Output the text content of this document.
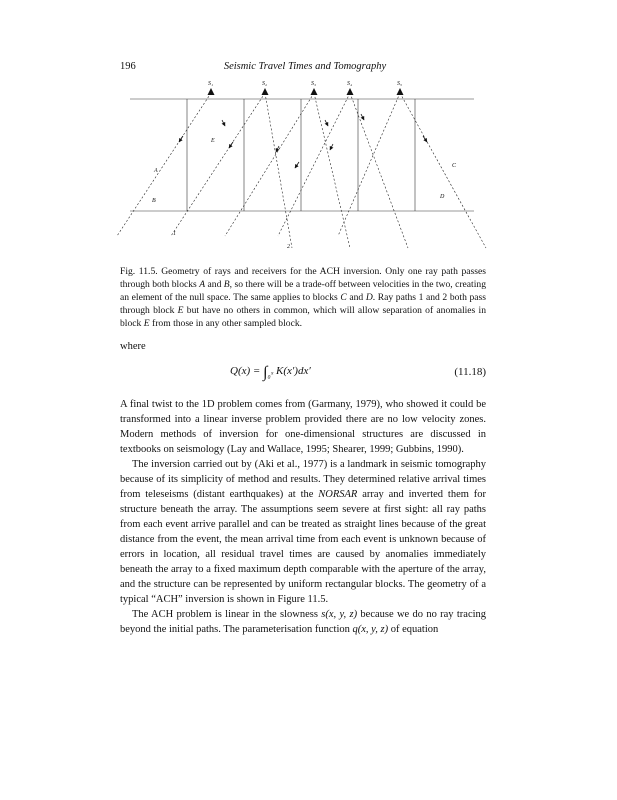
196	Seismic Travel Times and Tomography
S₁	S₂	S₃	S₄	S₅
A
B
C
D
E
1
2
Fig. 11.5. Geometry of rays and receivers for the ACH inversion. Only one ray path passes through both blocks A and B, so there will be a trade-off between velocities in the two, creating an element of the null space. The same applies to blocks C and D. Ray paths 1 and 2 both pass through block E but have no others in common, which will allow separation of anomalies in block E from those in any other sampled block.
where
$Q(x) = \int_{_0ˣ}$ K(x′)dx′	(11.18)

A final twist to the 1D problem comes from (Garmany, 1979), who showed it could be transformed into a linear inverse problem provided there are no low velocity zones. Modern methods of inversion for one-dimensional structures are discussed in textbooks on seismology (Lay and Wallace, 1995; Shearer, 1999; Gubbins, 1990).

The inversion carried out by (Aki et al., 1977) is a landmark in seismic tomography because of its simplicity of method and results. They determined relative arrival times from teleseisms (distant earthquakes) at the NORSAR array and inverted them for structure beneath the array. The assumptions seem severe at first sight: all ray paths from each event arrive parallel and can be treated as straight lines because of the great distance from the event, the mean arrival time from each event is unknown because of errors in location, all residual travel times are caused by anomalies immediately beneath the array to a fixed maximum depth comparable with the aperture of the array, and the structure can be represented by uniform rectangular blocks. The geometry of a typical “ACH” inversion is shown in Figure 11.5.

The ACH problem is linear in the slowness s(x, y, z) because we do no ray tracing beyond the initial paths. The parameterisation function q(x, y, z) of equation
